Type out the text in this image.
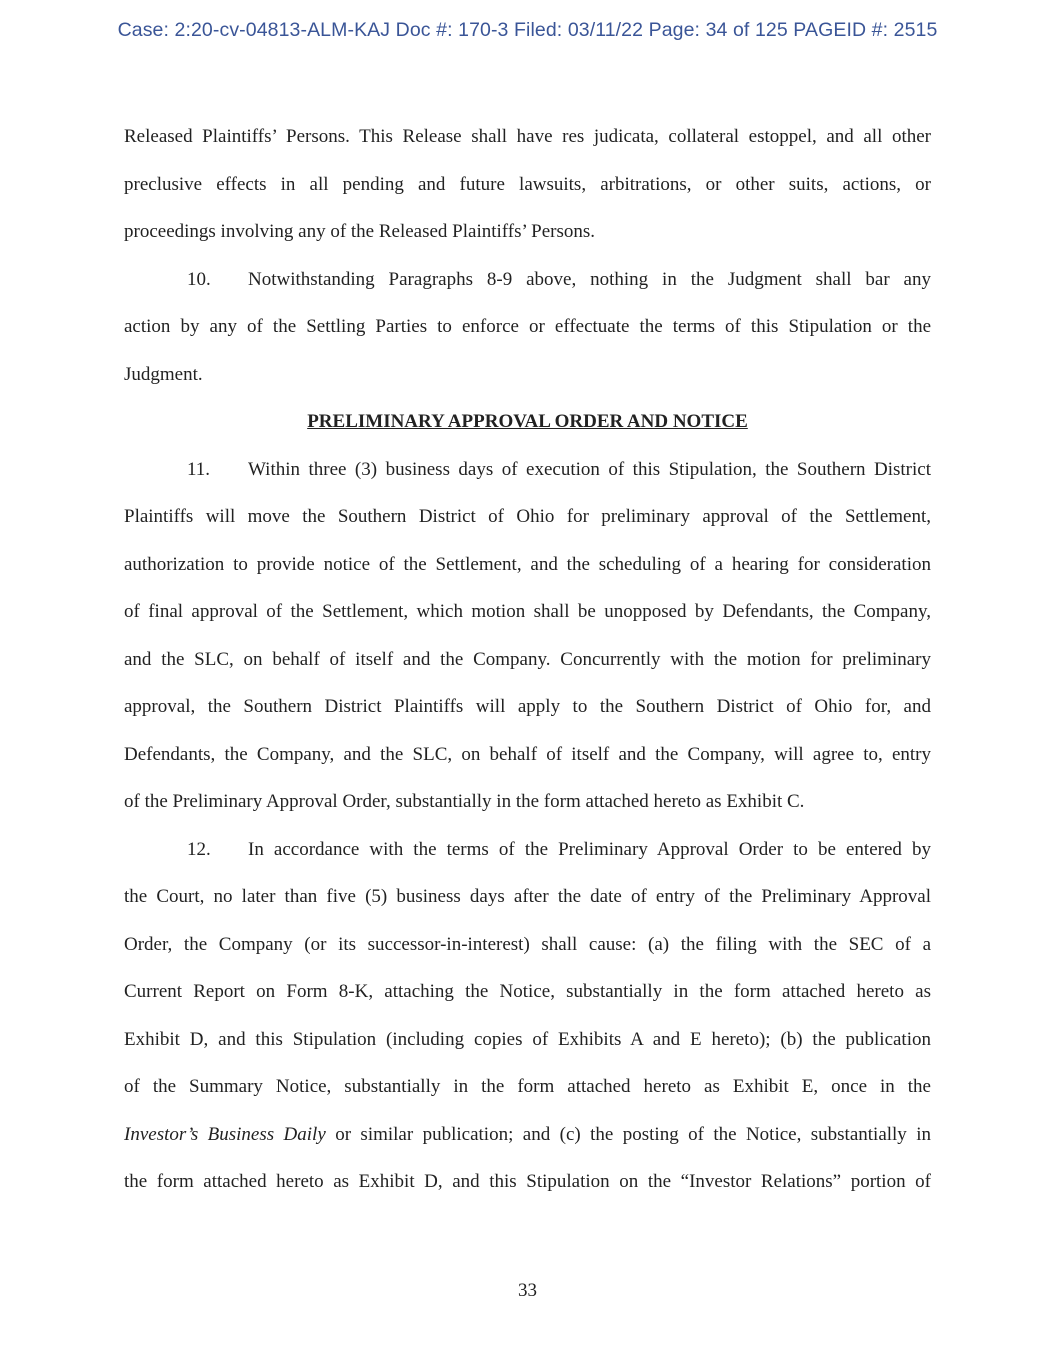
Case: 2:20-cv-04813-ALM-KAJ Doc #: 170-3 Filed: 03/11/22 Page: 34 of 125 PAGEID #: 2515
Released Plaintiffs’ Persons. This Release shall have res judicata, collateral estoppel, and all other
preclusive effects in all pending and future lawsuits, arbitrations, or other suits, actions, or
proceedings involving any of the Released Plaintiffs’ Persons.
10. Notwithstanding Paragraphs 8-9 above, nothing in the Judgment shall bar any
action by any of the Settling Parties to enforce or effectuate the terms of this Stipulation or the
Judgment.
PRELIMINARY APPROVAL ORDER AND NOTICE
11. Within three (3) business days of execution of this Stipulation, the Southern District
Plaintiffs will move the Southern District of Ohio for preliminary approval of the Settlement,
authorization to provide notice of the Settlement, and the scheduling of a hearing for consideration
of final approval of the Settlement, which motion shall be unopposed by Defendants, the Company,
and the SLC, on behalf of itself and the Company. Concurrently with the motion for preliminary
approval, the Southern District Plaintiffs will apply to the Southern District of Ohio for, and
Defendants, the Company, and the SLC, on behalf of itself and the Company, will agree to, entry
of the Preliminary Approval Order, substantially in the form attached hereto as Exhibit C.
12. In accordance with the terms of the Preliminary Approval Order to be entered by
the Court, no later than five (5) business days after the date of entry of the Preliminary Approval
Order, the Company (or its successor-in-interest) shall cause: (a) the filing with the SEC of a
Current Report on Form 8-K, attaching the Notice, substantially in the form attached hereto as
Exhibit D, and this Stipulation (including copies of Exhibits A and E hereto); (b) the publication
of the Summary Notice, substantially in the form attached hereto as Exhibit E, once in the
Investor’s Business Daily or similar publication; and (c) the posting of the Notice, substantially in
the form attached hereto as Exhibit D, and this Stipulation on the “Investor Relations” portion of
33
